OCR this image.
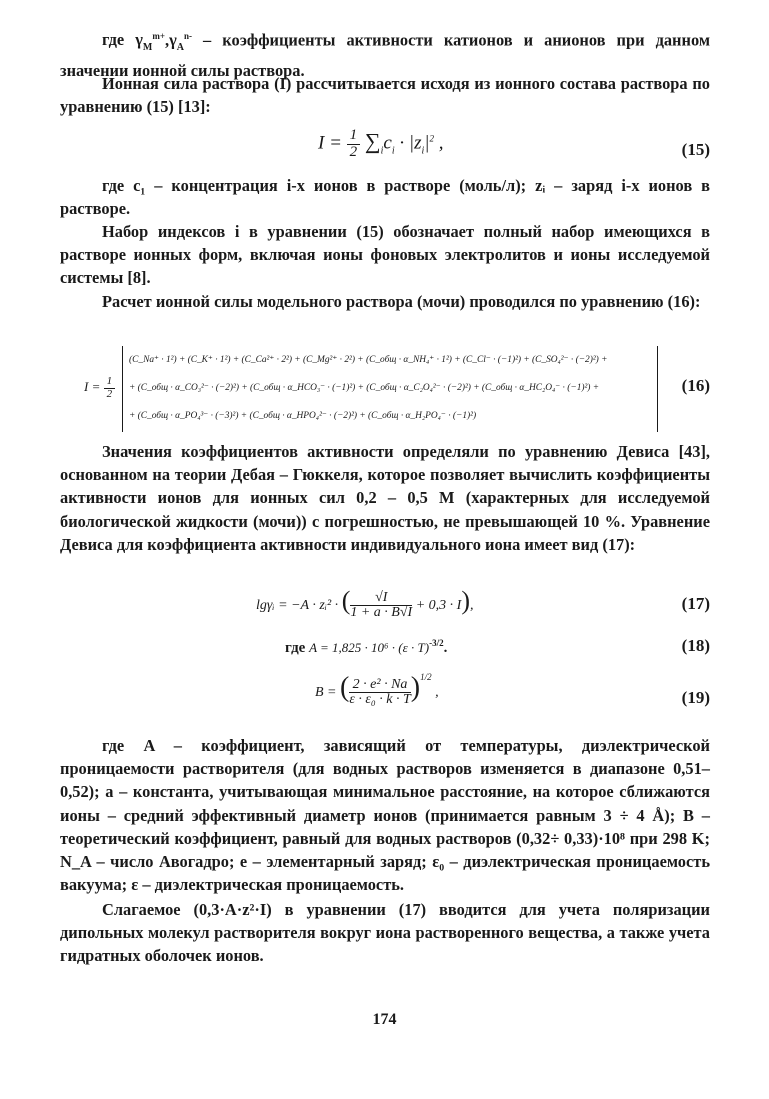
где $\gamma_M^{m+},\gamma_A^{n-}$ – коэффициенты активности катионов и анионов при данном значении ионной силы раствора.

Ионная сила раствора (I) рассчитывается исходя из ионного состава раствора по уравнению (15) [13]:

$I = \frac{1}{2} \sum_ic_i \cdot |z_i|^2$ ,	(15)

где c₁ – концентрация i-х ионов в растворе (моль/л); zᵢ – заряд i-х ионов в растворе.

Набор индексов i в уравнении (15) обозначает полный набор имеющихся в растворе ионных форм, включая ионы фоновых электролитов и ионы исследуемой системы [8].

Расчет ионной силы модельного раствора (мочи) проводился по уравнению (16):

$I = \frac{1}{2}$
(C_Na⁺ · 1²) + (C_K⁺ · 1²) + (C_Ca²⁺ · 2²) + (C_Mg²⁺ · 2²) + (C_общ · α_NH₄⁺ · 1²) + (C_Cl⁻ · (−1)²) + (C_SO₄²⁻ · (−2)²) +
+ (C_общ · α_CO₃²⁻ · (−2)²) + (C_общ · α_HCO₃⁻ · (−1)²) + (C_общ · α_C₂O₄²⁻ · (−2)²) + (C_общ · α_HC₂O₄⁻ · (−1)²) +
+ (C_общ · α_PO₄³⁻ · (−3)²) + (C_общ · α_HPO₄²⁻ · (−2)²) + (C_общ · α_H₂PO₄⁻ · (−1)²)
(16)

Значения коэффициентов активности определяли по уравнению Девиса [43], основанном на теории Дебая – Гюккеля, которое позволяет вычислить коэффициенты активности ионов для ионных сил 0,2 – 0,5 М (характерных для исследуемой биологической жидкости (мочи)) с погрешностью, не превышающей 10 %. Уравнение Девиса для коэффициента активности индивидуального иона имеет вид (17):

lgγᵢ = −A · zᵢ² · ( $\frac{√I}{1 + a \cdot B√I} + 0,3 \cdot I$),	(17)
где $A = 1,825 \cdot 10^6 \cdot (\varepsilon \cdot T)^{-3/2}$.	(18)
B = ( $\frac{\text{2 · e² · Na}}{\text{ε · ε₀ · k · T}} )^{1/2}$ ,	(19)

где A – коэффициент, зависящий от температуры, диэлектрической проницаемости растворителя (для водных растворов изменяется в диапазоне 0,51–0,52); a – константа, учитывающая минимальное расстояние, на которое сближаются ионы – средний эффективный диаметр ионов (принимается равным 3 ÷ 4 Å); B – теоретический коэффициент, равный для водных растворов (0,32÷ 0,33)·10⁸ при 298 K; N_A – число Авогадро; e – элементарный заряд; ε₀ – диэлектрическая проницаемость вакуума; ε – диэлектрическая проницаемость.

Слагаемое (0,3·A·z²·I) в уравнении (17) вводится для учета поляризации дипольных молекул растворителя вокруг иона растворенного вещества, а также учета гидратных оболочек ионов.

174
